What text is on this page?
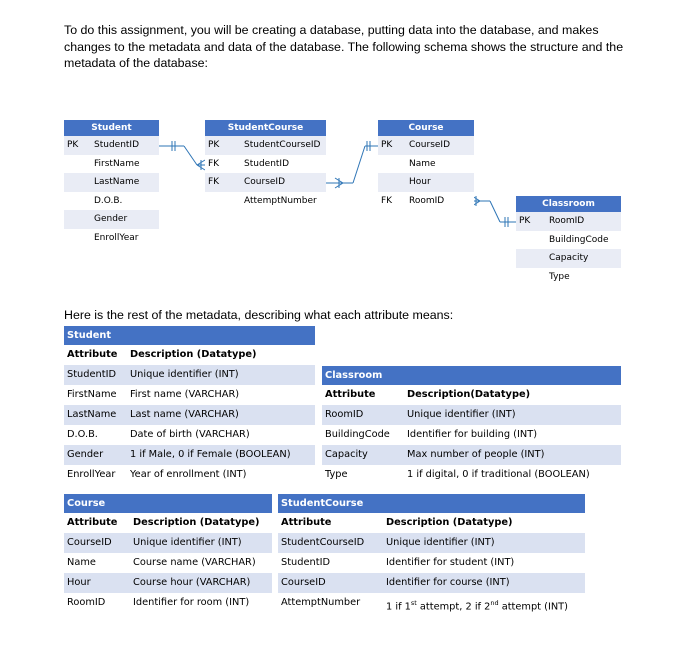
To do this assignment, you will be creating a database, putting data into the database, and makes changes to the metadata and data of the database. The following schema shows the structure and the metadata of the database:
Student
PK StudentID
FirstName
LastName
D.O.B.
Gender
EnrollYear
StudentCourse
PK	StudentCourseID
FK	StudentID
FK	CourseID
AttemptNumber
Course
PK CourseID
Name
Hour
FK RoomID	Classroom
PK RoomID
BuildingCode
Capacity
Type
Here is the rest of the metadata, describing what each attribute means:
Student
Attribute Description (Datatype)
StudentID Unique identifier (INT)
FirstName First name (VARCHAR)
LastName Last name (VARCHAR)
D.O.B.	Date of birth (VARCHAR)
Gender	1 if Male, 0 if Female (BOOLEAN)
EnrollYear Year of enrollment (INT)
Classroom
Attribute	Description(Datatype)
RoomID	Unique identifier (INT)
BuildingCode Identifier for building (INT)
Capacity	Max number of people (INT)
Type	1 if digital, 0 if traditional (BOOLEAN)
Course
Attribute Description (Datatype)
CourseID Unique identifier (INT)
Name	Course name (VARCHAR)
Hour	Course hour (VARCHAR)
RoomID	Identifier for room (INT)
StudentCourse
Attribute	Description (Datatype)
StudentCourseID Unique identifier (INT)
StudentID	Identifier for student (INT)
CourseID	Identifier for course (INT)
AttemptNumber	1 if 1st attempt, 2 if 2nd attempt (INT)
